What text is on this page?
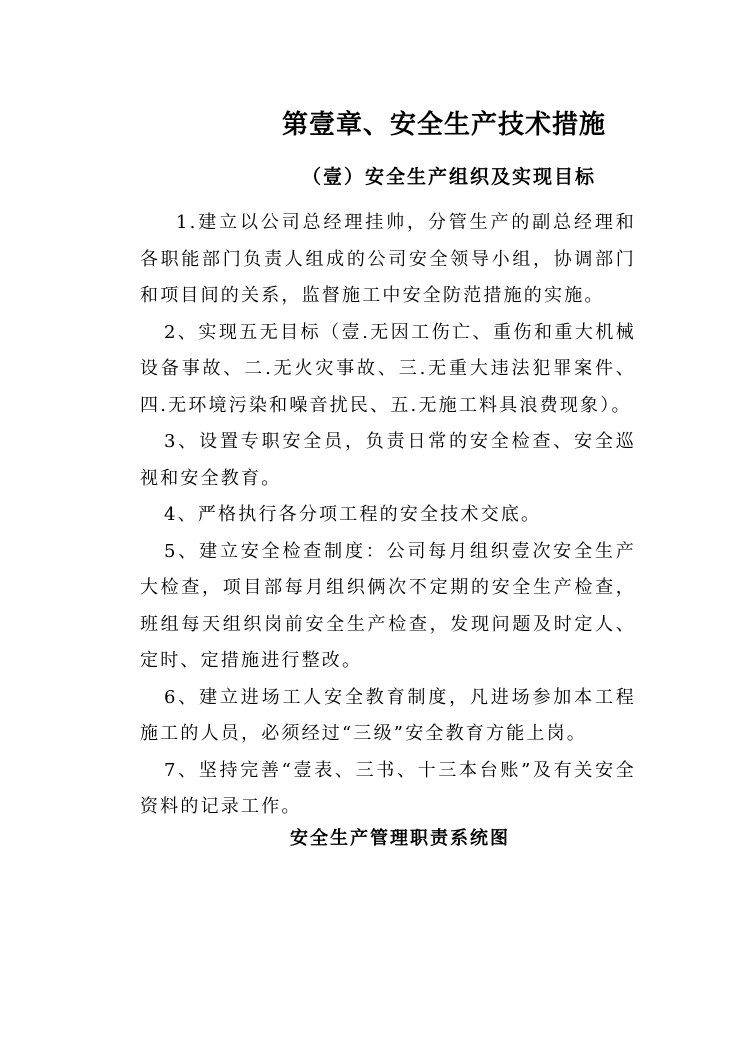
第壹章、安全生产技术措施
（壹）安全生产组织及实现目标

1.建立以公司总经理挂帅，分管生产的副总经理和各职能部门负责人组成的公司安全领导小组，协调部门和项目间的关系，监督施工中安全防范措施的实施。

2、实现五无目标（壹.无因工伤亡、重伤和重大机械设备事故、二.无火灾事故、三.无重大违法犯罪案件、四.无环境污染和噪音扰民、五.无施工料具浪费现象）。

3、设置专职安全员，负责日常的安全检查、安全巡视和安全教育。

4、严格执行各分项工程的安全技术交底。

5、建立安全检查制度：公司每月组织壹次安全生产大检查，项目部每月组织俩次不定期的安全生产检查，班组每天组织岗前安全生产检查，发现问题及时定人、定时、定措施进行整改。

6、建立进场工人安全教育制度，凡进场参加本工程施工的人员，必须经过“三级”安全教育方能上岗。

7、坚持完善“壹表、三书、十三本台账”及有关安全资料的记录工作。

安全生产管理职责系统图
